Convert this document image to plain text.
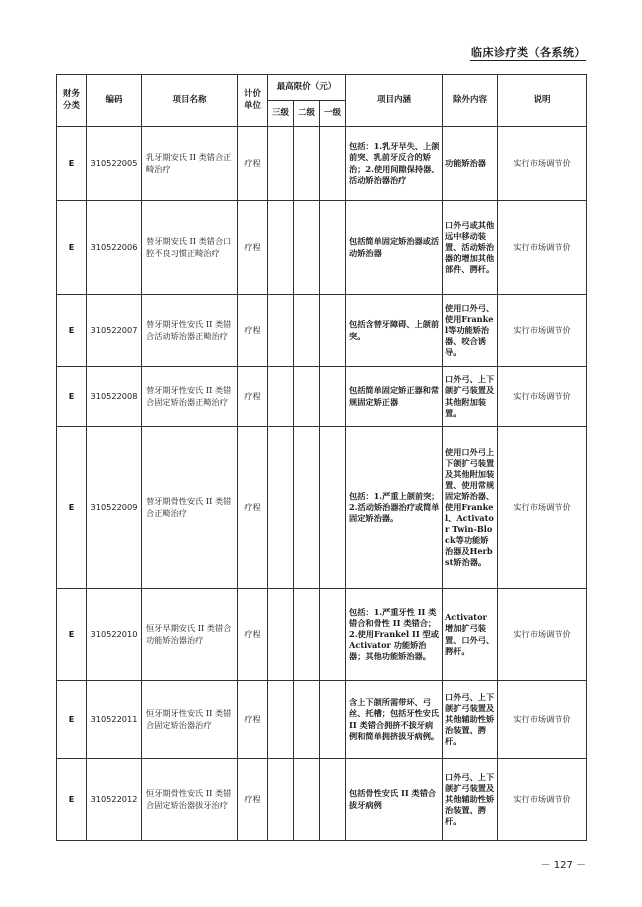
临床诊疗类（各系统）
财务分类	编码	项目名称	计价单位	最高限价（元）			项目内涵	除外内容	说明
				三级	二级	一级			
E	310522005	乳牙期安氏 II 类错合正畸治疗	疗程				包括：1.乳牙早失、上颌前突、乳前牙反合的矫治；2.使用间隙保持器、活动矫治器治疗	功能矫治器	实行市场调节价
E	310522006	替牙期安氏 II 类错合口腔不良习惯正畸治疗	疗程				包括简单固定矫治器或活动矫治器	口外弓或其他远中移动装置、活动矫治器的增加其他部件、腭杆。	实行市场调节价
E	310522007	替牙期牙性安氏 II 类错合活动矫治器正畸治疗	疗程				包括含替牙障碍、上颌前突。	使用口外弓、使用Frankel等功能矫治器、咬合诱导。	实行市场调节价
E	310522008	替牙期牙性安氏 II 类错合固定矫治器正畸治疗	疗程				包括简单固定矫正器和常规固定矫正器	口外弓、上下颌扩弓装置及其他附加装置。	实行市场调节价
E	310522009	替牙期骨性安氏 II 类错合正畸治疗	疗程				包括：1.严重上颌前突；2.活动矫治器治疗或简单固定矫治器。	使用口外弓上下颌扩弓装置及其他附加装置、使用常规固定矫治器、使用Frankel、Activator Twin-Block等功能矫治器及Herbst矫治器。	实行市场调节价
E	310522010	恒牙早期安氏 II 类错合功能矫治器治疗	疗程				包括：1.严重牙性 II 类错合和骨性 II 类错合；2.使用Frankel II 型或Activator 功能矫治器；其他功能矫治器。	Activator 增加扩弓装置、口外弓、腭杆。	实行市场调节价
E	310522011	恒牙期牙性安氏 II 类错合固定矫治器治疗	疗程				含上下颌所需带环、弓丝、托槽；包括牙性安氏 II 类错合拥挤不拔牙病例和简单拥挤拔牙病例。	口外弓、上下颌扩弓装置及其他辅助性矫治装置、腭杆。	实行市场调节价
E	310522012	恒牙期骨性安氏 II 类错合固定矫治器拔牙治疗	疗程				包括骨性安氏 II 类错合拔牙病例	口外弓、上下颌扩弓装置及其他辅助性矫治装置、腭杆。	实行市场调节价
－ 127 －
